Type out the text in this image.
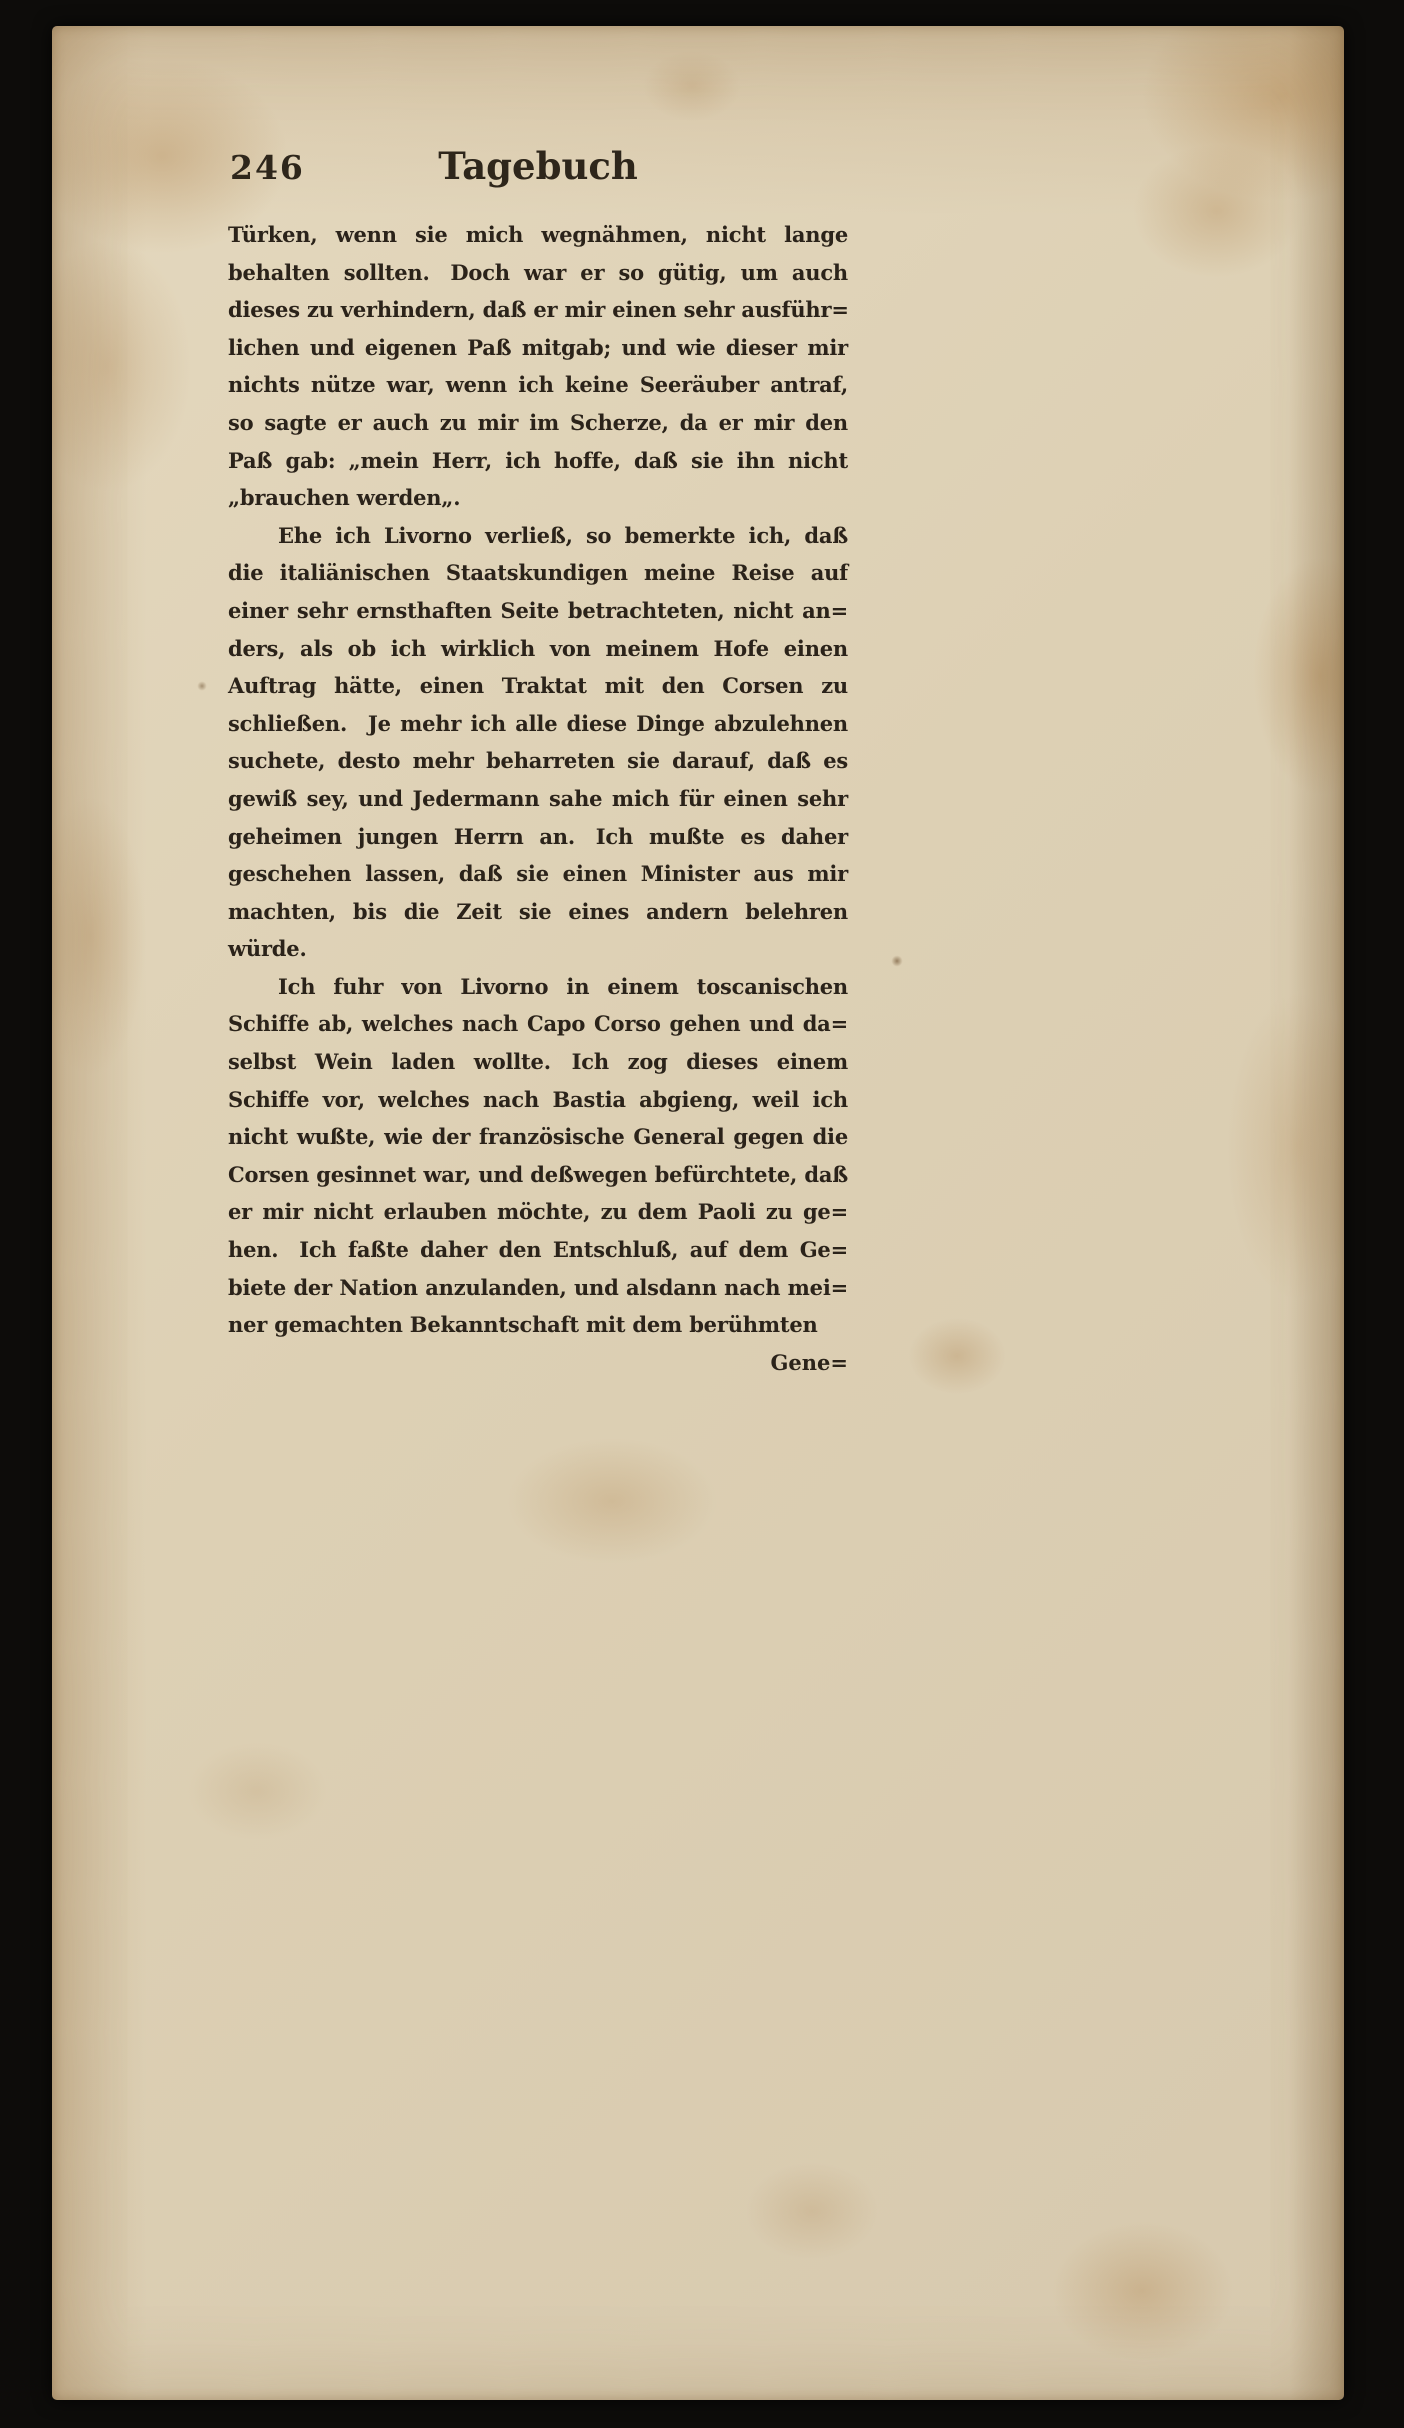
246	Tagebuch
Türken, wenn sie mich wegnähmen, nicht lange
behalten sollten. Doch war er so gütig, um auch
dieses zu verhindern, daß er mir einen sehr ausführ=
lichen und eigenen Paß mitgab; und wie dieser mir
nichts nütze war, wenn ich keine Seeräuber antraf,
so sagte er auch zu mir im Scherze, da er mir den
Paß gab: „mein Herr, ich hoffe, daß sie ihn nicht
„brauchen werden„.
Ehe ich Livorno verließ, so bemerkte ich, daß
die italiänischen Staatskundigen meine Reise auf
einer sehr ernsthaften Seite betrachteten, nicht an=
ders, als ob ich wirklich von meinem Hofe einen
Auftrag hätte, einen Traktat mit den Corsen zu
schließen. Je mehr ich alle diese Dinge abzulehnen
suchete, desto mehr beharreten sie darauf, daß es
gewiß sey, und Jedermann sahe mich für einen sehr
geheimen jungen Herrn an. Ich mußte es daher
geschehen lassen, daß sie einen Minister aus mir
machten, bis die Zeit sie eines andern belehren
würde.
Ich fuhr von Livorno in einem toscanischen
Schiffe ab, welches nach Capo Corso gehen und da=
selbst Wein laden wollte. Ich zog dieses einem
Schiffe vor, welches nach Bastia abgieng, weil ich
nicht wußte, wie der französische General gegen die
Corsen gesinnet war, und deßwegen befürchtete, daß
er mir nicht erlauben möchte, zu dem Paoli zu ge=
hen. Ich faßte daher den Entschluß, auf dem Ge=
biete der Nation anzulanden, und alsdann nach mei=
ner gemachten Bekanntschaft mit dem berühmten
Gene=
